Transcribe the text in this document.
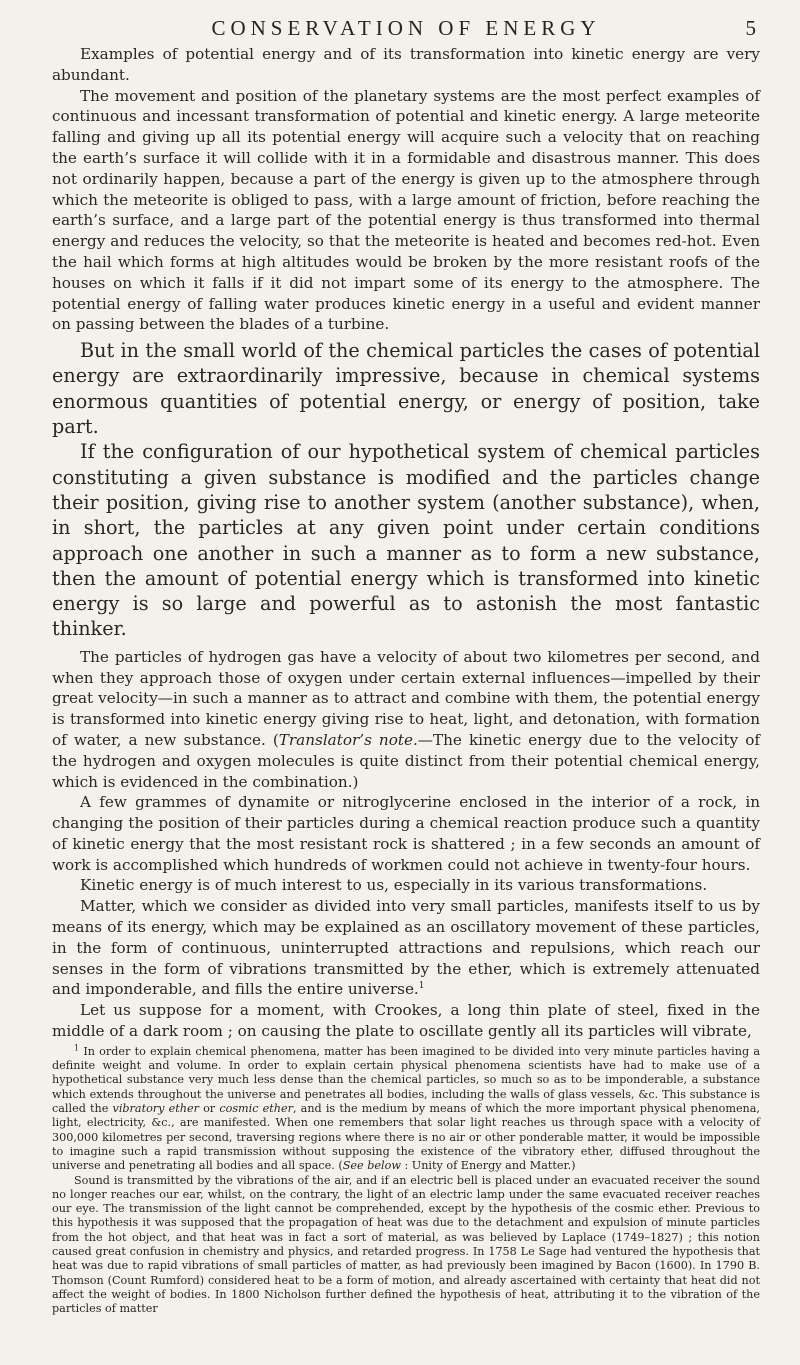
CONSERVATION OF ENERGY	5

Examples of potential energy and of its transformation into kinetic energy are very abundant.

The movement and position of the planetary systems are the most perfect examples of continuous and incessant transformation of potential and kinetic energy. A large meteorite falling and giving up all its potential energy will acquire such a velocity that on reaching the earth’s surface it will collide with it in a formidable and disastrous manner. This does not ordinarily happen, because a part of the energy is given up to the atmosphere through which the meteorite is obliged to pass, with a large amount of friction, before reaching the earth’s surface, and a large part of the potential energy is thus transformed into thermal energy and reduces the velocity, so that the meteorite is heated and becomes red-hot. Even the hail which forms at high altitudes would be broken by the more resistant roofs of the houses on which it falls if it did not impart some of its energy to the atmosphere. The potential energy of falling water produces kinetic energy in a useful and evident manner on passing between the blades of a turbine.

But in the small world of the chemical particles the cases of potential energy are extraordinarily impressive, because in chemical systems enormous quantities of potential energy, or energy of position, take part.

If the configuration of our hypothetical system of chemical particles constituting a given substance is modified and the particles change their position, giving rise to another system (another substance), when, in short, the particles at any given point under certain conditions approach one another in such a manner as to form a new substance, then the amount of potential energy which is transformed into kinetic energy is so large and powerful as to astonish the most fantastic thinker.

The particles of hydrogen gas have a velocity of about two kilometres per second, and when they approach those of oxygen under certain external influences—impelled by their great velocity—in such a manner as to attract and combine with them, the potential energy is transformed into kinetic energy giving rise to heat, light, and detonation, with formation of water, a new substance. (Translator’s note.—The kinetic energy due to the velocity of the hydrogen and oxygen molecules is quite distinct from their potential chemical energy, which is evidenced in the combination.)

A few grammes of dynamite or nitroglycerine enclosed in the interior of a rock, in changing the position of their particles during a chemical reaction produce such a quantity of kinetic energy that the most resistant rock is shattered ; in a few seconds an amount of work is accomplished which hundreds of workmen could not achieve in twenty-four hours.

Kinetic energy is of much interest to us, especially in its various transformations.

Matter, which we consider as divided into very small particles, manifests itself to us by means of its energy, which may be explained as an oscillatory movement of these particles, in the form of continuous, uninterrupted attractions and repulsions, which reach our senses in the form of vibrations transmitted by the ether, which is extremely attenuated and imponderable, and fills the entire universe.$^1$

Let us suppose for a moment, with Crookes, a long thin plate of steel, fixed in the middle of a dark room ; on causing the plate to oscillate gently all its particles will vibrate,

$^1$ In order to explain chemical phenomena, matter has been imagined to be divided into very minute particles having a definite weight and volume. In order to explain certain physical phenomena scientists have had to make use of a hypothetical substance very much less dense than the chemical particles, so much so as to be imponderable, a substance which extends throughout the universe and penetrates all bodies, including the walls of glass vessels, &c. This substance is called the vibratory ether or cosmic ether, and is the medium by means of which the more important physical phenomena, light, electricity, &c., are manifested. When one remembers that solar light reaches us through space with a velocity of 300,000 kilometres per second, traversing regions where there is no air or other ponderable matter, it would be impossible to imagine such a rapid transmission without supposing the existence of the vibratory ether, diffused throughout the universe and penetrating all bodies and all space. (See below : Unity of Energy and Matter.)

Sound is transmitted by the vibrations of the air, and if an electric bell is placed under an evacuated receiver the sound no longer reaches our ear, whilst, on the contrary, the light of an electric lamp under the same evacuated receiver reaches our eye. The transmission of the light cannot be comprehended, except by the hypothesis of the cosmic ether. Previous to this hypothesis it was supposed that the propagation of heat was due to the detachment and expulsion of minute particles from the hot object, and that heat was in fact a sort of material, as was believed by Laplace (1749–1827) ; this notion caused great confusion in chemistry and physics, and retarded progress. In 1758 Le Sage had ventured the hypothesis that heat was due to rapid vibrations of small particles of matter, as had previously been imagined by Bacon (1600). In 1790 B. Thomson (Count Rumford) considered heat to be a form of motion, and already ascertained with certainty that heat did not affect the weight of bodies. In 1800 Nicholson further defined the hypothesis of heat, attributing it to the vibration of the particles of matter
